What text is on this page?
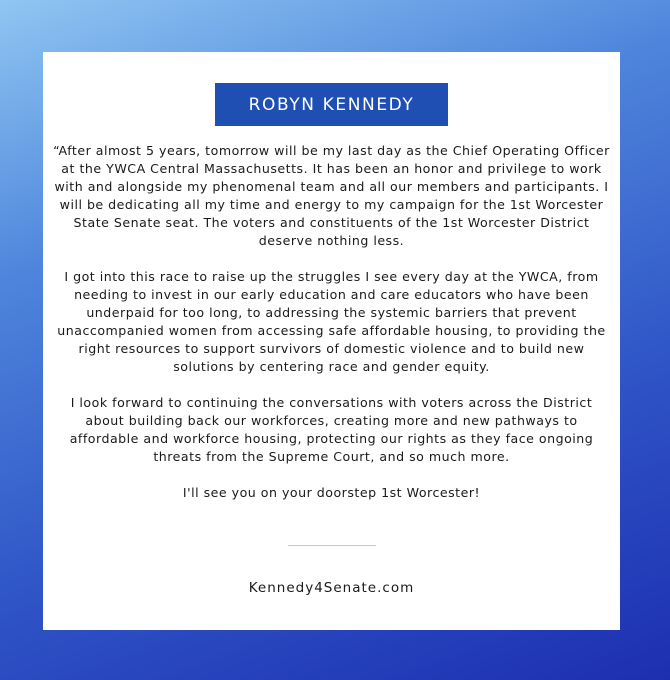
ROBYN KENNEDY

“After almost 5 years, tomorrow will be my last day as the Chief Operating Officer at the YWCA Central Massachusetts. It has been an honor and privilege to work with and alongside my phenomenal team and all our members and participants. I will be dedicating all my time and energy to my campaign for the 1st Worcester State Senate seat. The voters and constituents of the 1st Worcester District deserve nothing less.

I got into this race to raise up the struggles I see every day at the YWCA, from needing to invest in our early education and care educators who have been underpaid for too long, to addressing the systemic barriers that prevent unaccompanied women from accessing safe affordable housing, to providing the right resources to support survivors of domestic violence and to build new solutions by centering race and gender equity.

I look forward to continuing the conversations with voters across the District about building back our workforces, creating more and new pathways to affordable and workforce housing, protecting our rights as they face ongoing threats from the Supreme Court, and so much more.

I'll see you on your doorstep 1st Worcester!

Kennedy4Senate.com
